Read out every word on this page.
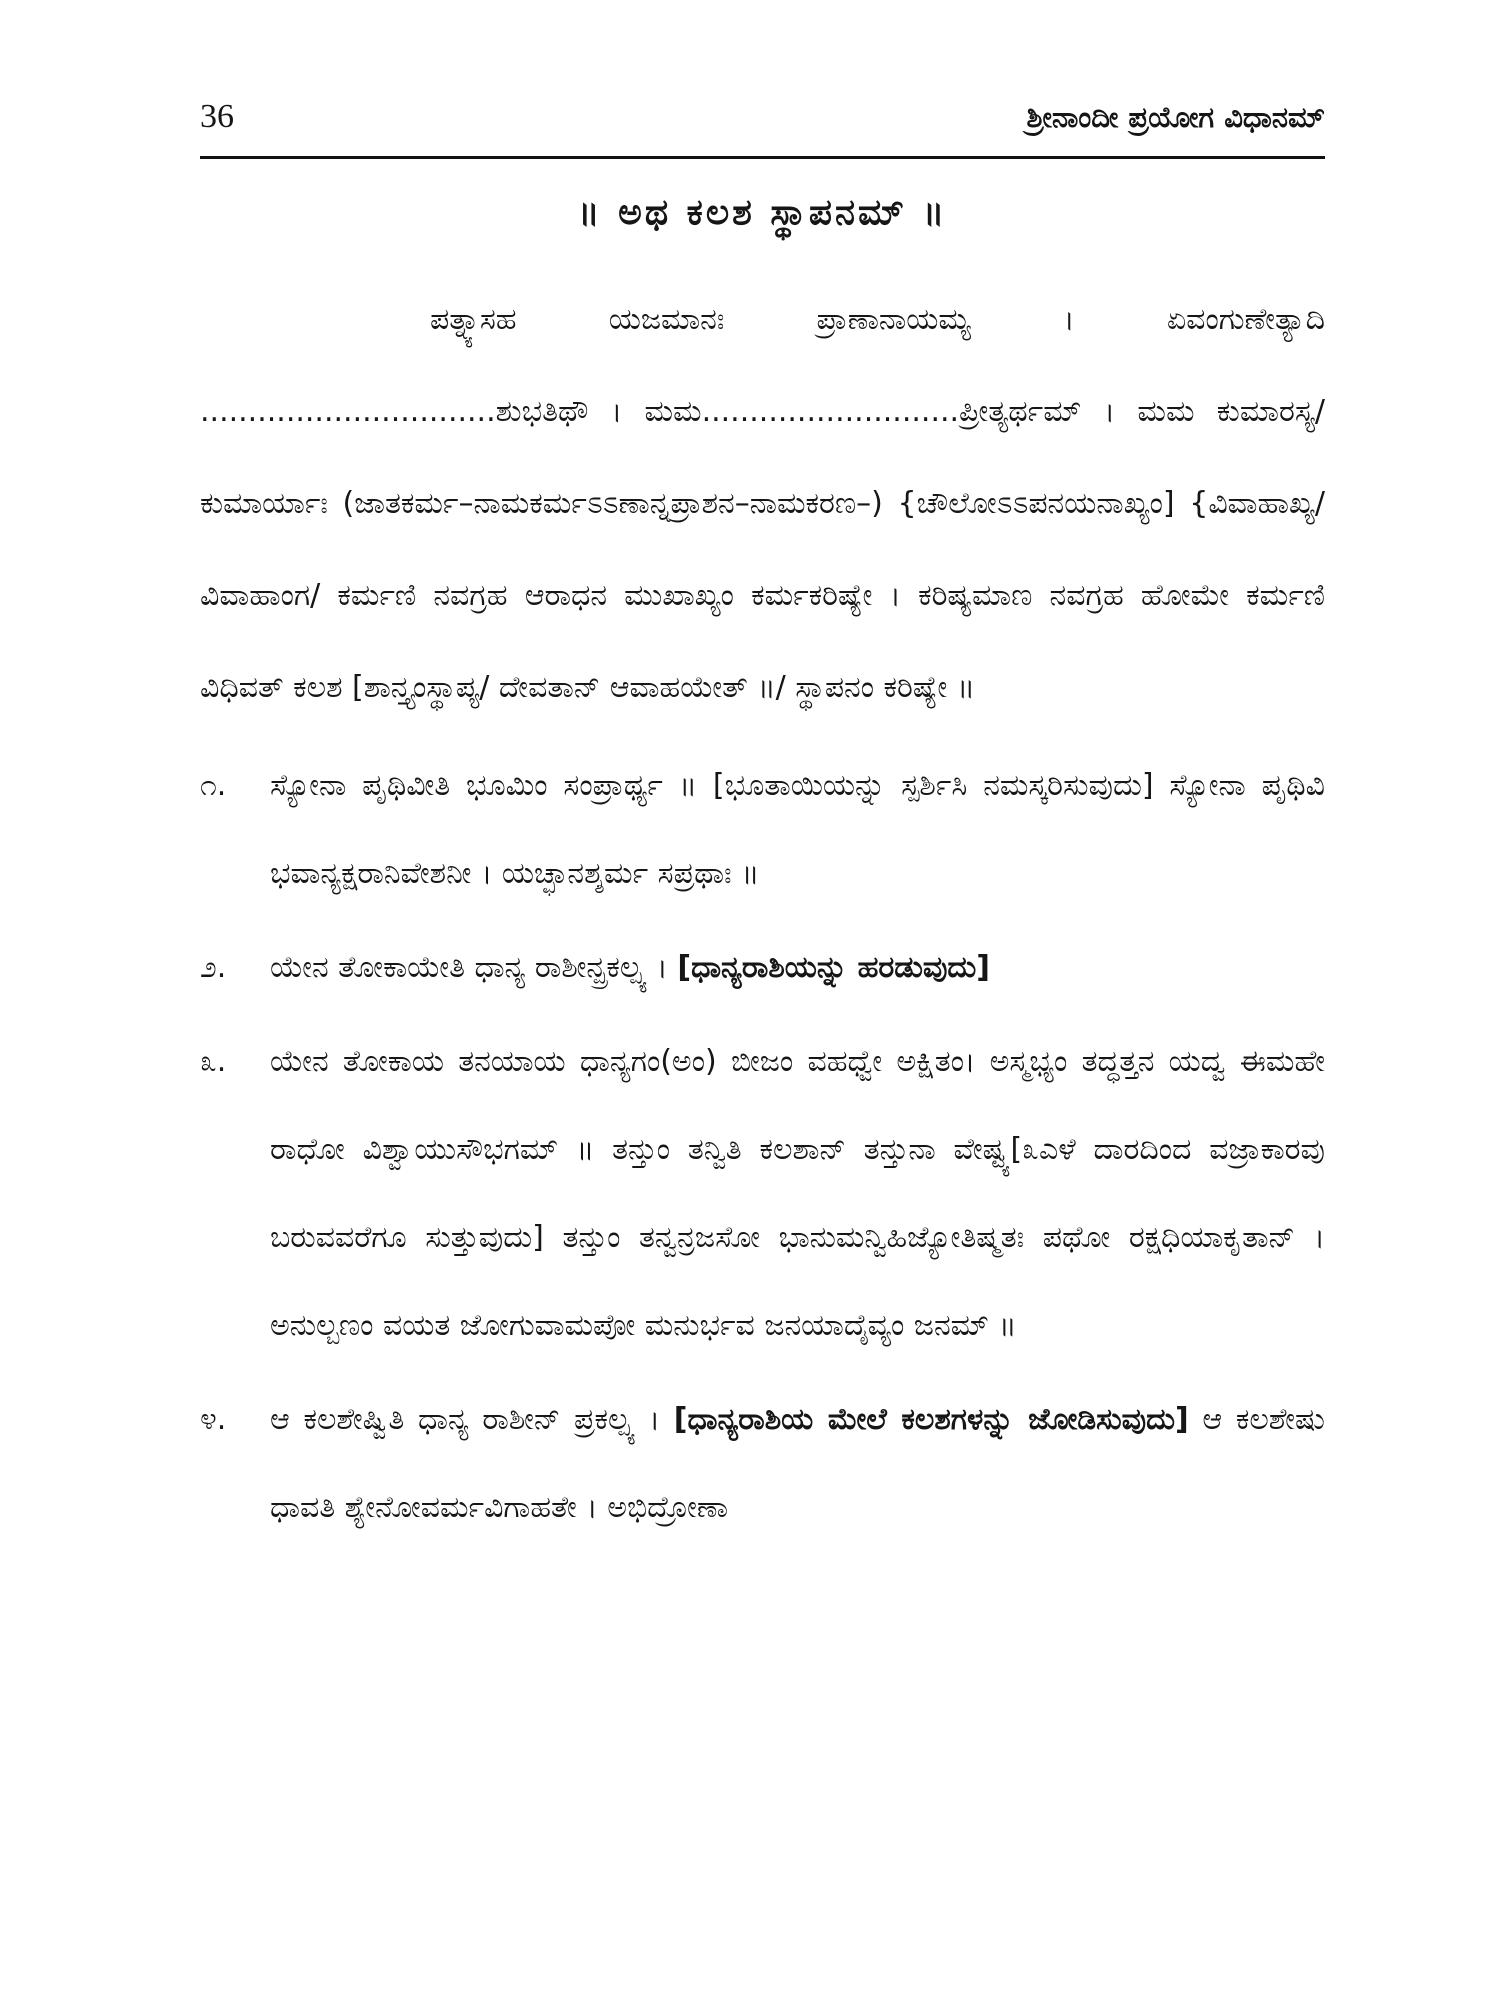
36	ಶ್ರೀನಾಂದೀ ಪ್ರಯೋಗ ವಿಧಾನಮ್
॥ ಅಥ ಕಲಶ ಸ್ಥಾಪನಮ್ ॥
ಪತ್ನ್ಯಾಸಹ ಯಜಮಾನಃ ಪ್ರಾಣಾನಾಯಮ್ಯ । ಏವಂಗುಣೇತ್ಯಾದಿ ...............................ಶುಭತಿಥೌ । ಮಮ...........................ಪ್ರೀತ್ಯರ್ಥಮ್ । ಮಮ ಕುಮಾರಸ್ಯ/ ಕುಮಾರ್ಯಾಃ (ಜಾತಕರ್ಮ–ನಾಮಕರ್ಮಽಽಣಾನ್ನಪ್ರಾಶನ–ನಾಮಕರಣ–) {ಚೌಲೋಽಽಪನಯನಾಖ್ಯಂ] {ವಿವಾಹಾಖ್ಯ/ ವಿವಾಹಾಂಗ/ ಕರ್ಮಣಿ ನವಗ್ರಹ ಆರಾಧನ ಮುಖಾಖ್ಯಂ ಕರ್ಮಕರಿಷ್ಯೇ । ಕರಿಷ್ಯಮಾಣ ನವಗ್ರಹ ಹೋಮೇ ಕರ್ಮಣಿ ವಿಧಿವತ್ ಕಲಶ [ಶಾನ್ತ್ಯಂಸ್ಥಾಪ್ಯ/ ದೇವತಾನ್ ಆವಾಹಯೇತ್ ॥/ ಸ್ಥಾಪನಂ ಕರಿಷ್ಯೇ ॥
೧.	ಸ್ಯೋನಾ ಪೃಥಿವೀತಿ ಭೂಮಿಂ ಸಂಪ್ರಾರ್ಥ್ಯ ॥ [ಭೂತಾಯಿಯನ್ನು ಸ್ಪರ್ಶಿಸಿ ನಮಸ್ಕರಿಸುವುದು] ಸ್ಯೋನಾ ಪೃಥಿವಿ ಭವಾನ್ಯಕ್ಷರಾನಿವೇಶನೀ । ಯಚ್ಛಾನಶ್ಶರ್ಮ ಸಪ್ರಥಾಃ ॥
೨.	ಯೇನ ತೋಕಾಯೇತಿ ಧಾನ್ಯ ರಾಶೀನ್ಪ್ರಕಲ್ಪ್ಯ । [ಧಾನ್ಯರಾಶಿಯನ್ನು ಹರಡುವುದು]
೩.	ಯೇನ ತೋಕಾಯ ತನಯಾಯ ಧಾನ್ಯಗಂ(ಅಂ) ಬೀಜಂ ವಹಧ್ವೇ ಅಕ್ಷಿತಂ। ಅಸ್ಮಭ್ಯಂ ತದ್ಧತ್ತನ ಯದ್ವ ಈಮಹೇ ರಾಧೋ ವಿಶ್ವಾಯುಸೌಭಗಮ್ ॥ ತನ್ತುಂ ತನ್ವಿತಿ ಕಲಶಾನ್ ತನ್ತುನಾ ವೇಷ್ಟ್ಯ[೩ಎಳೆ ದಾರದಿಂದ ವಜ್ರಾಕಾರವು ಬರುವವರೆಗೂ ಸುತ್ತುವುದು] ತನ್ತುಂ ತನ್ವನ್ರಜಸೋ ಭಾನುಮನ್ವಿಹಿಜ್ಯೋತಿಷ್ಮತಃ ಪಥೋ ರಕ್ಷಧಿಯಾಕೃತಾನ್ । ಅನುಲ್ಬಣಂ ವಯತ ಜೋಗುವಾಮಪೋ ಮನುರ್ಭವ ಜನಯಾದೈವ್ಯಂ ಜನಮ್ ॥
೪.	ಆ ಕಲಶೇಷ್ವಿತಿ ಧಾನ್ಯ ರಾಶೀನ್ ಪ್ರಕಲ್ಪ್ಯ । [ಧಾನ್ಯರಾಶಿಯ ಮೇಲೆ ಕಲಶಗಳನ್ನು ಜೋಡಿಸುವುದು] ಆ ಕಲಶೇಷು ಧಾವತಿ ಶ್ಯೇನೋವರ್ಮವಿಗಾಹತೇ । ಅಭಿದ್ರೋಣಾ
